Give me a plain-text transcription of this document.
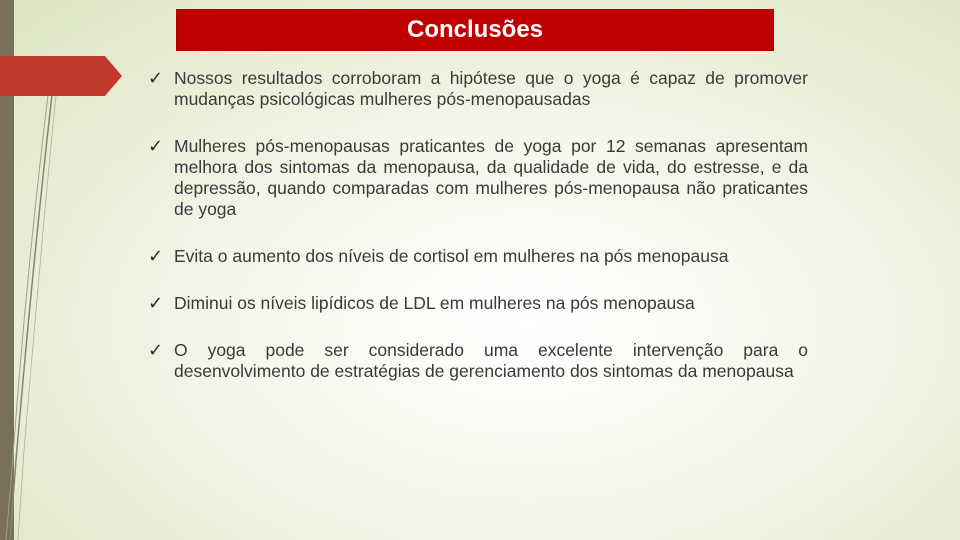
Conclusões
✓ Nossos resultados corroboram a hipótese que o yoga é capaz de promover mudanças psicológicas mulheres pós-menopausadas
✓ Mulheres pós-menopausas praticantes de yoga por 12 semanas apresentam melhora dos sintomas da menopausa, da qualidade de vida, do estresse, e da depressão, quando comparadas com mulheres pós-menopausa não praticantes de yoga
✓ Evita o aumento dos níveis de cortisol em mulheres na pós menopausa
✓ Diminui os níveis lipídicos de LDL em mulheres na pós menopausa
✓ O yoga pode ser considerado uma excelente intervenção para o desenvolvimento de estratégias de gerenciamento dos sintomas da menopausa
